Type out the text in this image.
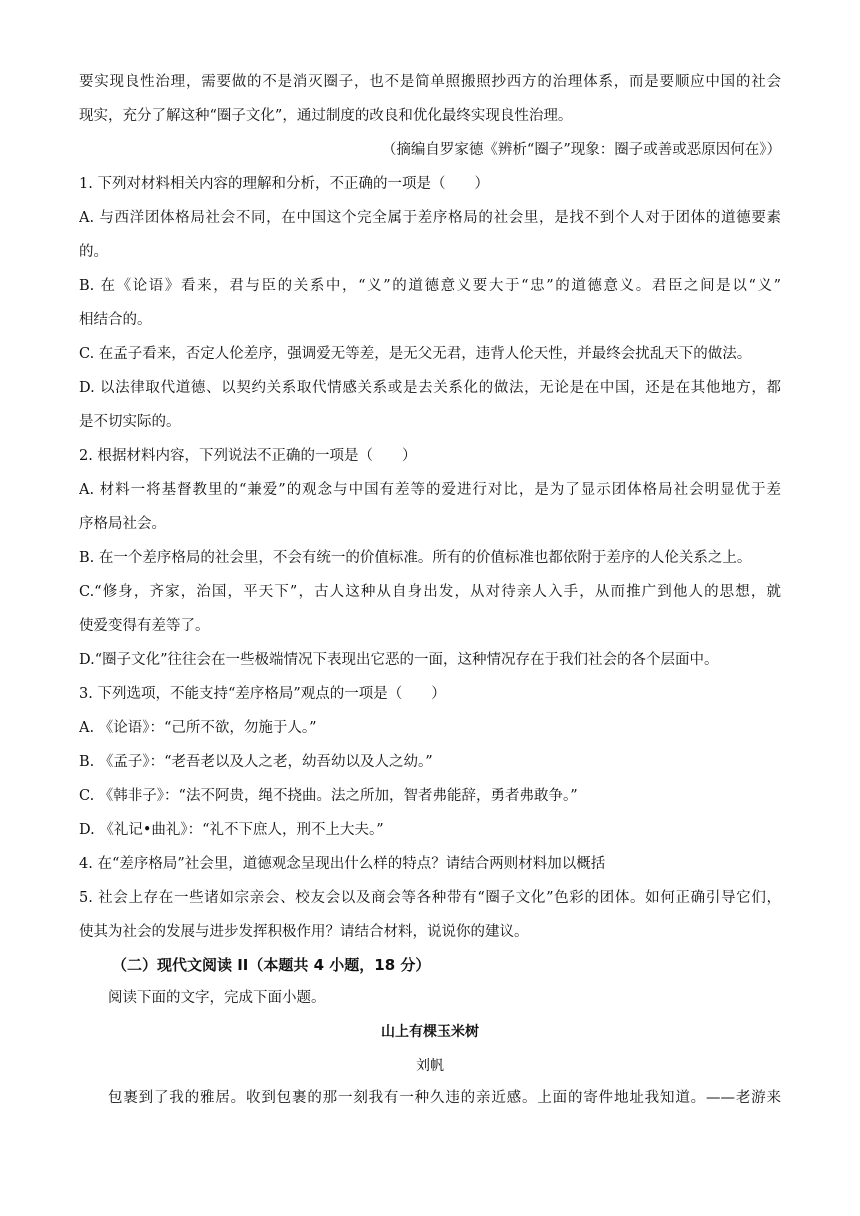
要实现良性治理，需要做的不是消灭圈子，也不是简单照搬照抄西方的治理体系，而是要顺应中国的社会
现实，充分了解这种“圈子文化”，通过制度的改良和优化最终实现良性治理。
（摘编自罗家德《辨析“圈子”现象：圈子或善或恶原因何在》）
1. 下列对材料相关内容的理解和分析，不正确的一项是（　　）
A. 与西洋团体格局社会不同，在中国这个完全属于差序格局的社会里，是找不到个人对于团体的道德要素
的。
B. 在《论语》看来，君与臣的关系中，“义”的道德意义要大于“忠”的道德意义。君臣之间是以“义”
相结合的。
C. 在孟子看来，否定人伦差序，强调爱无等差，是无父无君，违背人伦天性，并最终会扰乱天下的做法。
D. 以法律取代道德、以契约关系取代情感关系或是去关系化的做法，无论是在中国，还是在其他地方，都
是不切实际的。
2. 根据材料内容，下列说法不正确的一项是（　　）
A. 材料一将基督教里的“兼爱”的观念与中国有差等的爱进行对比，是为了显示团体格局社会明显优于差
序格局社会。
B. 在一个差序格局的社会里，不会有统一的价值标准。所有的价值标准也都依附于差序的人伦关系之上。
C.“修身，齐家，治国，平天下”，古人这种从自身出发，从对待亲人入手，从而推广到他人的思想，就
使爱变得有差等了。
D.“圈子文化”往往会在一些极端情况下表现出它恶的一面，这种情况存在于我们社会的各个层面中。
3. 下列选项，不能支持“差序格局”观点的一项是（　　）
A. 《论语》：“己所不欲，勿施于人。”
B. 《孟子》：“老吾老以及人之老，幼吾幼以及人之幼。”
C. 《韩非子》：“法不阿贵，绳不挠曲。法之所加，智者弗能辞，勇者弗敢争。”
D. 《礼记•曲礼》：“礼不下庶人，刑不上大夫。”
4. 在“差序格局”社会里，道德观念呈现出什么样的特点？请结合两则材料加以概括
5. 社会上存在一些诸如宗亲会、校友会以及商会等各种带有“圈子文化”色彩的团体。如何正确引导它们，
使其为社会的发展与进步发挥积极作用？请结合材料，说说你的建议。
（二）现代文阅读 II（本题共 4 小题，18 分）
阅读下面的文字，完成下面小题。
山上有棵玉米树
刘帆
包裹到了我的雅居。收到包裹的那一刻我有一种久违的亲近感。上面的寄件地址我知道。——老游来
